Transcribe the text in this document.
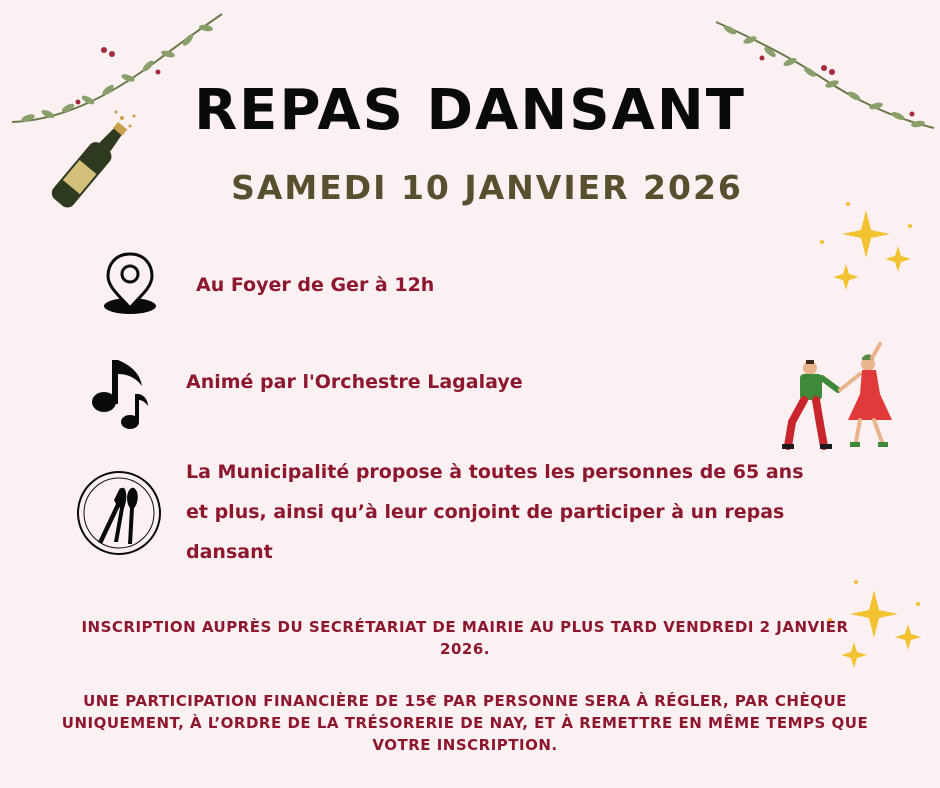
REPAS DANSANT
SAMEDI 10 JANVIER 2026
Au Foyer de Ger à 12h
Animé par l'Orchestre Lagalaye
La Municipalité propose à toutes les personnes de 65 ans et plus, ainsi qu’à leur conjoint de participer à un repas dansant
INSCRIPTION AUPRÈS DU SECRÉTARIAT DE MAIRIE AU PLUS TARD VENDREDI 2 JANVIER 2026.
UNE PARTICIPATION FINANCIÈRE DE 15€ PAR PERSONNE SERA À RÉGLER, PAR CHÈQUE UNIQUEMENT, À L’ORDRE DE LA TRÉSORERIE DE NAY, ET À REMETTRE EN MÊME TEMPS QUE VOTRE INSCRIPTION.
